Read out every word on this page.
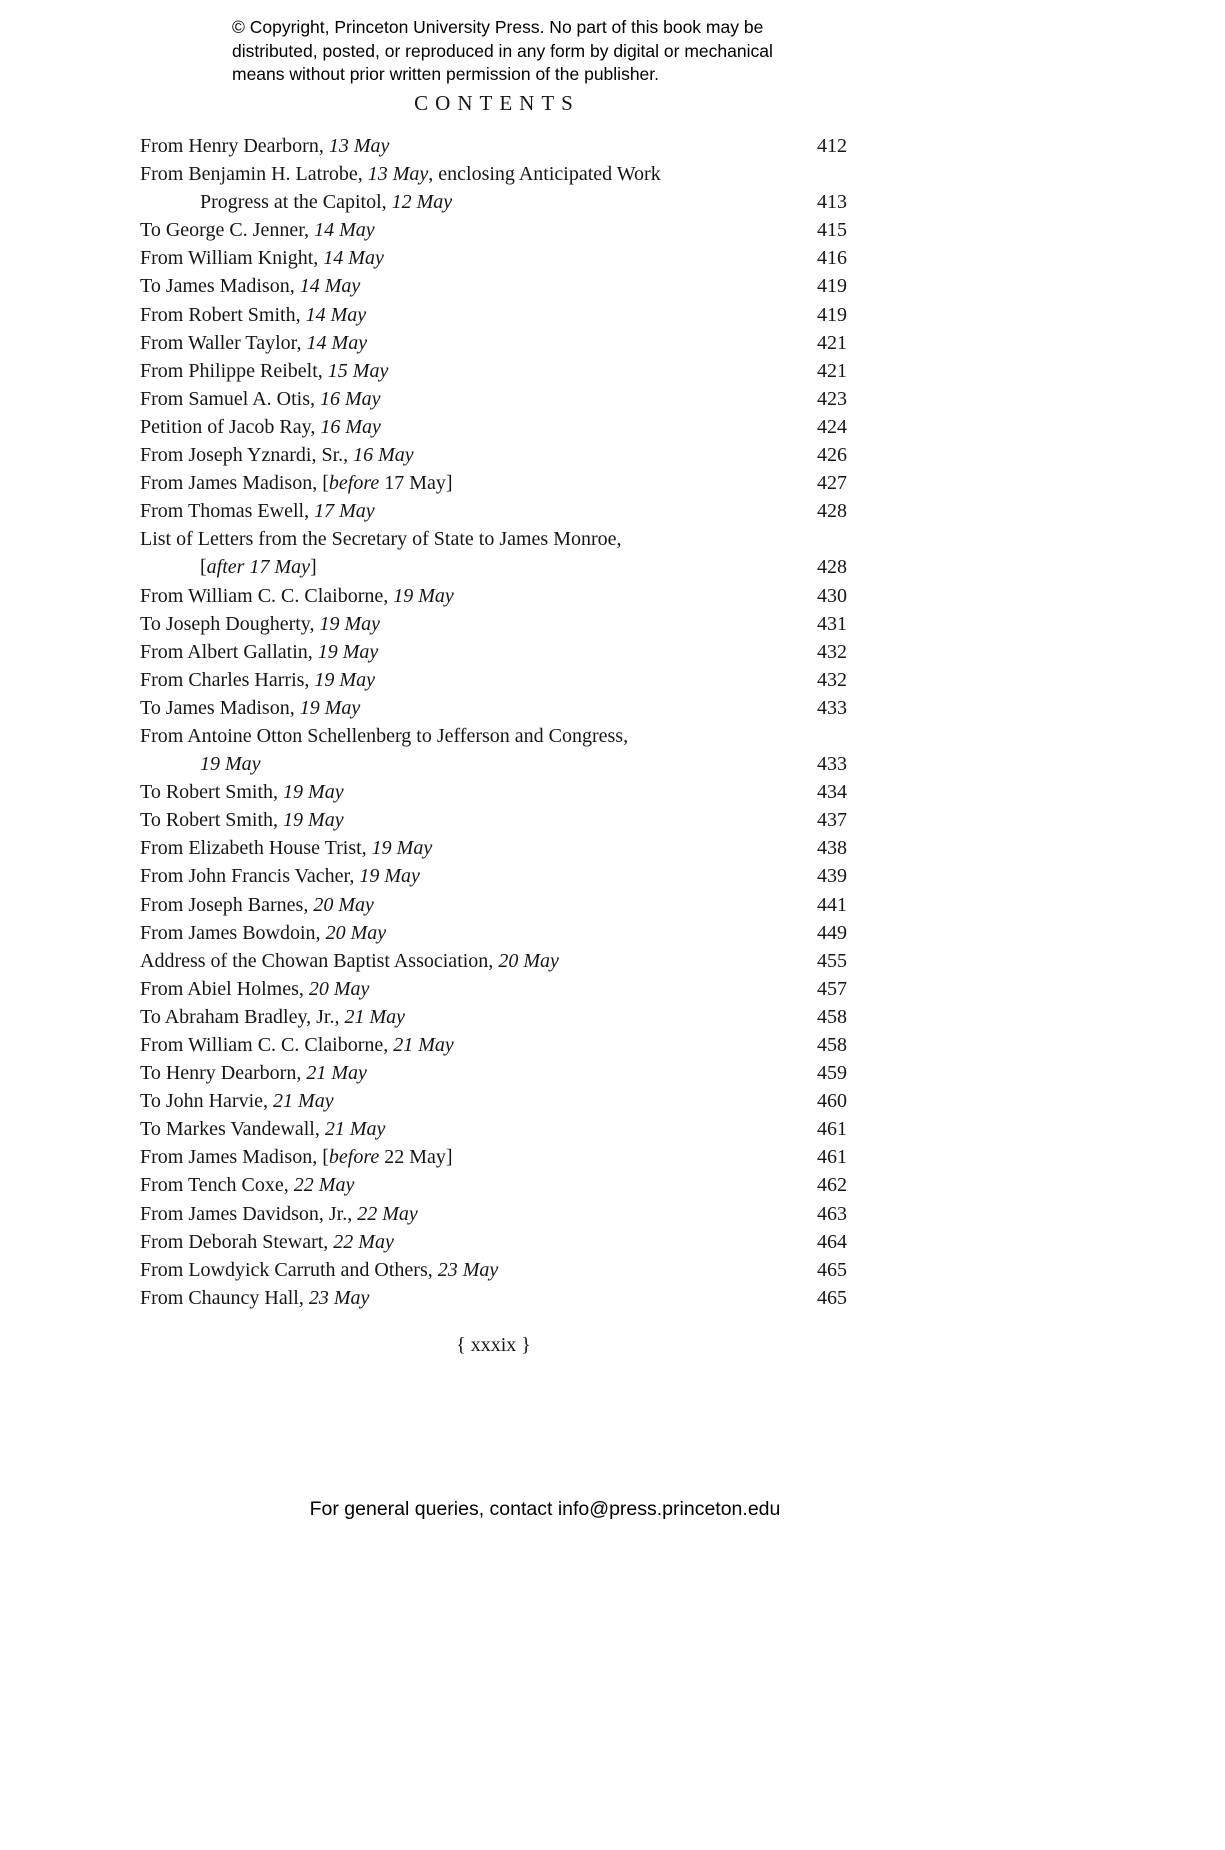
© Copyright, Princeton University Press. No part of this book may be
distributed, posted, or reproduced in any form by digital or mechanical
means without prior written permission of the publisher.
CONTENTS
From Henry Dearborn, 13 May	412
From Benjamin H. Latrobe, 13 May, enclosing Anticipated Work
Progress at the Capitol, 12 May	413
To George C. Jenner, 14 May	415
From William Knight, 14 May	416
To James Madison, 14 May	419
From Robert Smith, 14 May	419
From Waller Taylor, 14 May	421
From Philippe Reibelt, 15 May	421
From Samuel A. Otis, 16 May	423
Petition of Jacob Ray, 16 May	424
From Joseph Yznardi, Sr., 16 May	426
From James Madison, [before 17 May]	427
From Thomas Ewell, 17 May	428
List of Letters from the Secretary of State to James Monroe,
[after 17 May]	428
From William C. C. Claiborne, 19 May	430
To Joseph Dougherty, 19 May	431
From Albert Gallatin, 19 May	432
From Charles Harris, 19 May	432
To James Madison, 19 May	433
From Antoine Otton Schellenberg to Jefferson and Congress,
19 May	433
To Robert Smith, 19 May	434
To Robert Smith, 19 May	437
From Elizabeth House Trist, 19 May	438
From John Francis Vacher, 19 May	439
From Joseph Barnes, 20 May	441
From James Bowdoin, 20 May	449
Address of the Chowan Baptist Association, 20 May	455
From Abiel Holmes, 20 May	457
To Abraham Bradley, Jr., 21 May	458
From William C. C. Claiborne, 21 May	458
To Henry Dearborn, 21 May	459
To John Harvie, 21 May	460
To Markes Vandewall, 21 May	461
From James Madison, [before 22 May]	461
From Tench Coxe, 22 May	462
From James Davidson, Jr., 22 May	463
From Deborah Stewart, 22 May	464
From Lowdyick Carruth and Others, 23 May	465
From Chauncy Hall, 23 May	465
{ xxxix }
For general queries, contact info@press.princeton.edu
